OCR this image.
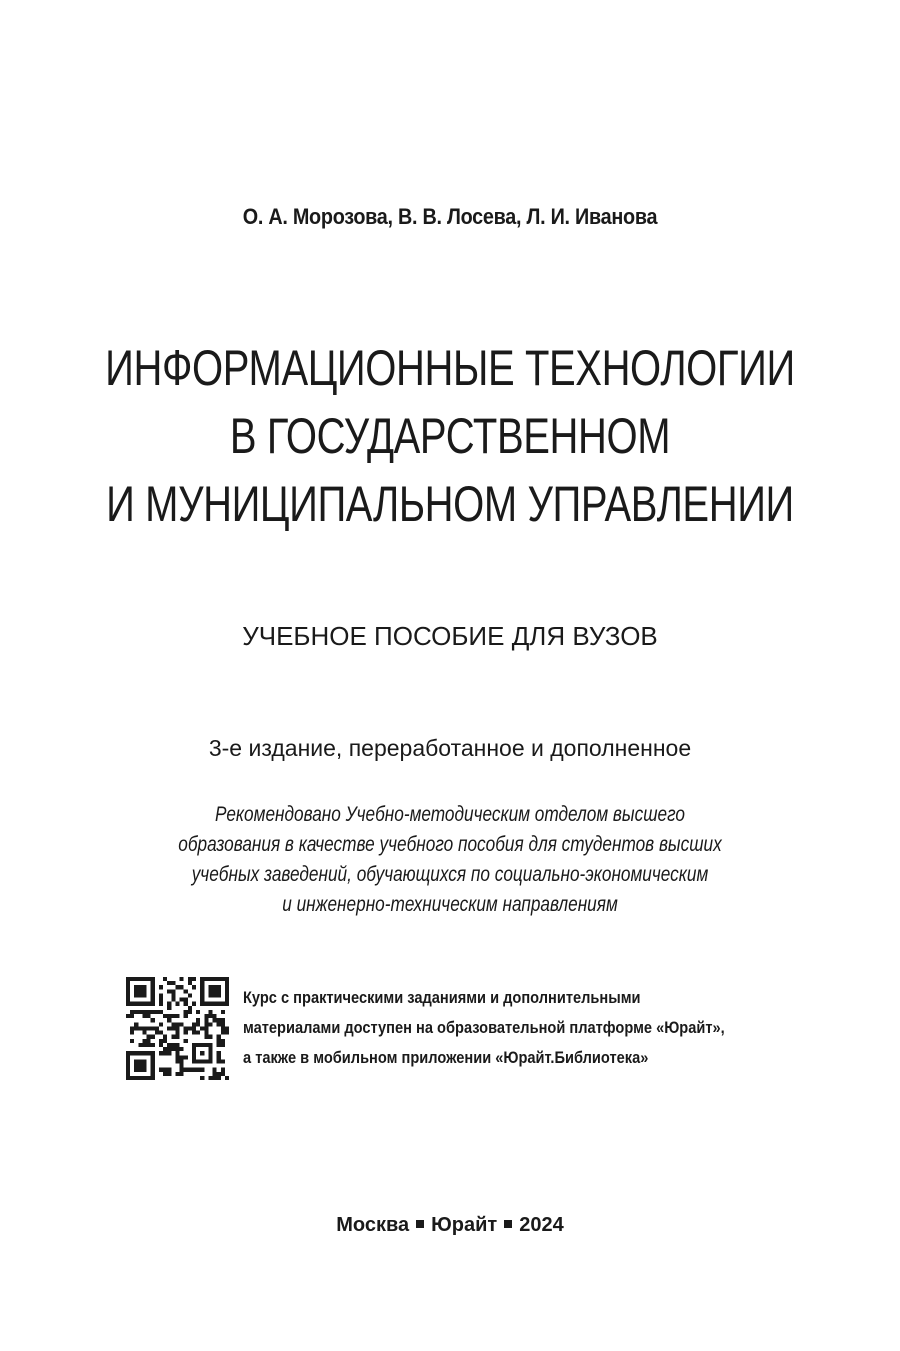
О. А. Морозова, В. В. Лосева, Л. И. Иванова
ИНФОРМАЦИОННЫЕ ТЕХНОЛОГИИ
В ГОСУДАРСТВЕННОМ
И МУНИЦИПАЛЬНОМ УПРАВЛЕНИИ
УЧЕБНОЕ ПОСОБИЕ ДЛЯ ВУЗОВ
3-е издание, переработанное и дополненное
Рекомендовано Учебно-методическим отделом высшего
образования в качестве учебного пособия для студентов высших
учебных заведений, обучающихся по социально-экономическим
и инженерно-техническим направлениям
Курс с практическими заданиями и дополнительными
материалами доступен на образовательной платформе «Юрайт»,
а также в мобильном приложении «Юрайт.Библиотека»
Москва Юрайт 2024
